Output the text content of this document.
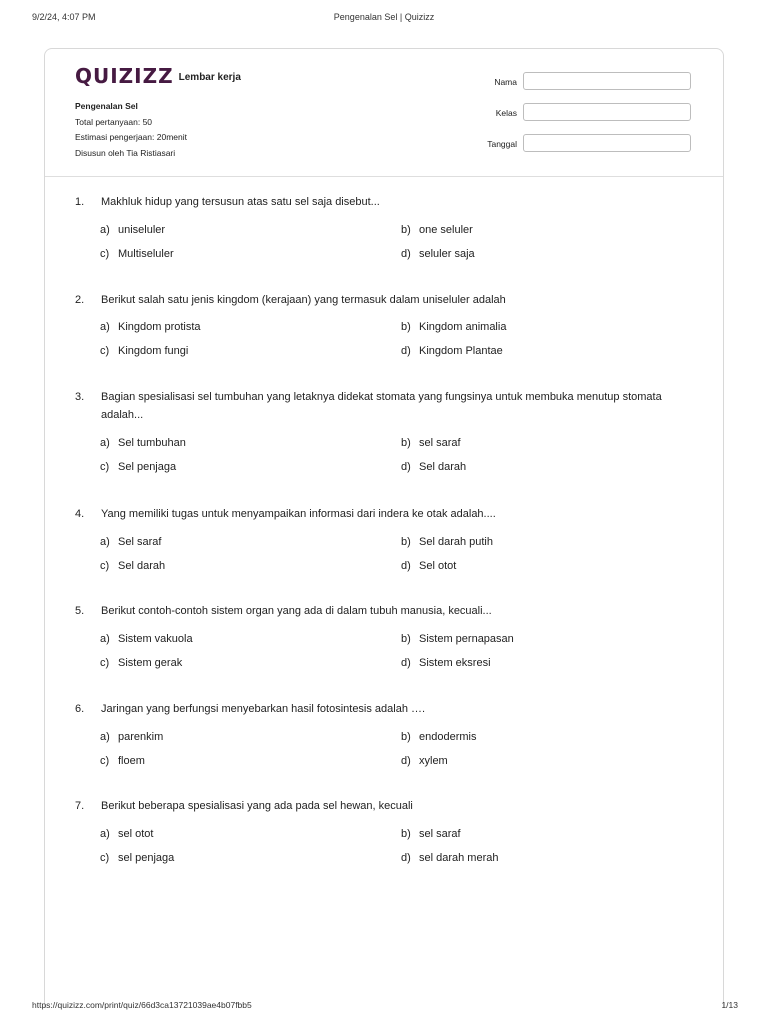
9/2/24, 4:07 PM	Pengenalan Sel | Quizizz
QUIZIZZ Lembar kerja
Pengenalan Sel
Total pertanyaan: 50
Estimasi pengerjaan: 20menit
Disusun oleh Tia Ristiasari
Nama
Kelas
Tanggal
1. Makhluk hidup yang tersusun atas satu sel saja disebut...
a) uniseluler	b) one seluler
c) Multiseluler	d) seluler saja
2. Berikut salah satu jenis kingdom (kerajaan) yang termasuk dalam uniseluler adalah
a) Kingdom protista	b) Kingdom animalia
c) Kingdom fungi	d) Kingdom Plantae
3. Bagian spesialisasi sel tumbuhan yang letaknya didekat stomata yang fungsinya untuk membuka menutup stomata adalah...
a) Sel tumbuhan	b) sel saraf
c) Sel penjaga	d) Sel darah
4. Yang memiliki tugas untuk menyampaikan informasi dari indera ke otak adalah....
a) Sel saraf	b) Sel darah putih
c) Sel darah	d) Sel otot
5. Berikut contoh-contoh sistem organ yang ada di dalam tubuh manusia, kecuali...
a) Sistem vakuola	b) Sistem pernapasan
c) Sistem gerak	d) Sistem eksresi
6. Jaringan yang berfungsi menyebarkan hasil fotosintesis adalah ….
a) parenkim	b) endodermis
c) floem	d) xylem
7. Berikut beberapa spesialisasi yang ada pada sel hewan, kecuali
a) sel otot	b) sel saraf
c) sel penjaga	d) sel darah merah
https://quizizz.com/print/quiz/66d3ca13721039ae4b07fbb5	1/13
